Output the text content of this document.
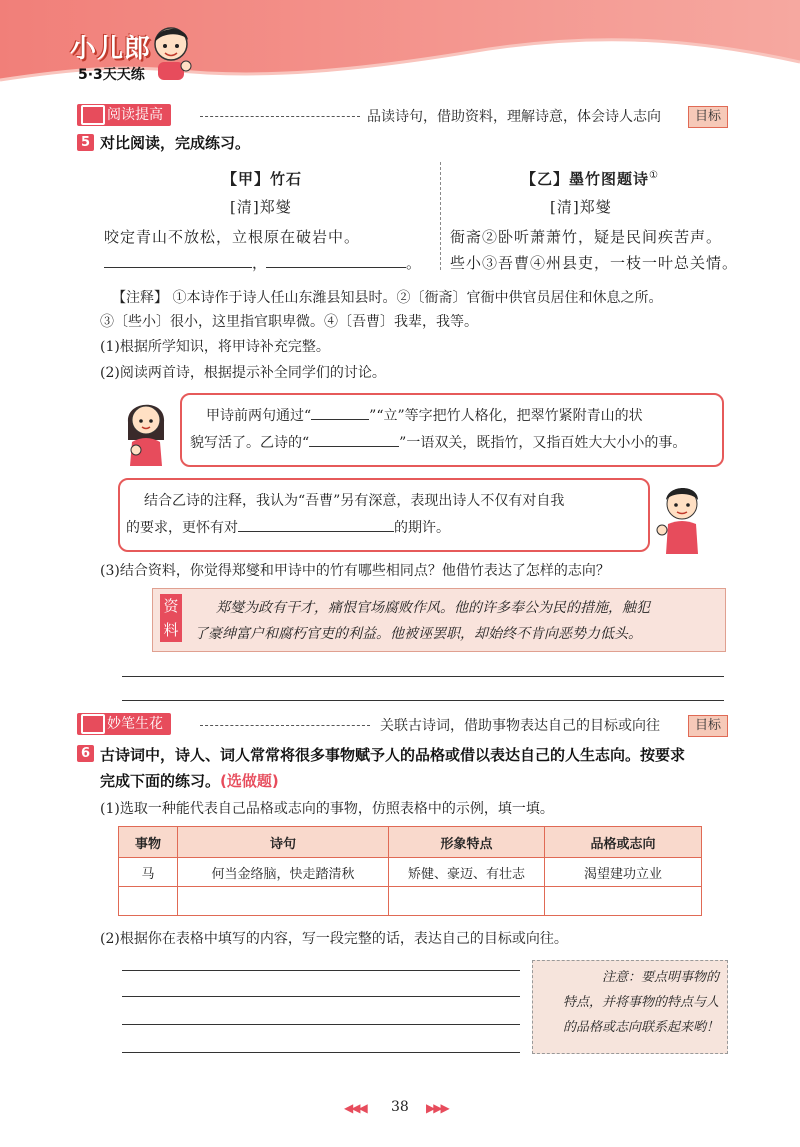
小儿郎
5·3天天练
阅读提高	品读诗句，借助资料，理解诗意，体会诗人志向	目标
5 对比阅读，完成练习。
【甲】竹石
[清]郑燮
咬定青山不放松，立根原在破岩中。
，	。
【乙】墨竹图题诗①
[清]郑燮
衙斋②卧听萧萧竹，疑是民间疾苦声。
些小③吾曹④州县吏，一枝一叶总关情。
【注释】 ①本诗作于诗人任山东潍县知县时。②〔衙斋〕官衙中供官员居住和休息之所。
③〔些小〕很小，这里指官职卑微。④〔吾曹〕我辈，我等。
(1)根据所学知识，将甲诗补充完整。
(2)阅读两首诗，根据提示补全同学们的讨论。
甲诗前两句通过“	”“立”等字把竹人格化，把翠竹紧附青山的状
貌写活了。乙诗的“	”一语双关，既指竹，又指百姓大大小小的事。
结合乙诗的注释，我认为“吾曹”另有深意，表现出诗人不仅有对自我
的要求，更怀有对	的期许。
(3)结合资料，你觉得郑燮和甲诗中的竹有哪些相同点？他借竹表达了怎样的志向？
资
料
郑燮为政有干才，痛恨官场腐败作风。他的许多奉公为民的措施，触犯
了豪绅富户和腐朽官吏的利益。他被诬罢职，却始终不肯向恶势力低头。
妙笔生花	关联古诗词，借助事物表达自己的目标或向往	目标
6 古诗词中，诗人、词人常常将很多事物赋予人的品格或借以表达自己的人生志向。按要求
完成下面的练习。(选做题)
(1)选取一种能代表自己品格或志向的事物，仿照表格中的示例，填一填。
事物	诗句	形象特点	品格或志向
马	何当金络脑，快走踏清秋	矫健、豪迈、有壮志	渴望建功立业

(2)根据你在表格中填写的内容，写一段完整的话，表达自己的目标或向往。
注意：要点明事物的
特点，并将事物的特点与人
的品格或志向联系起来哟！
◀◀◀ 38 ▶▶▶
